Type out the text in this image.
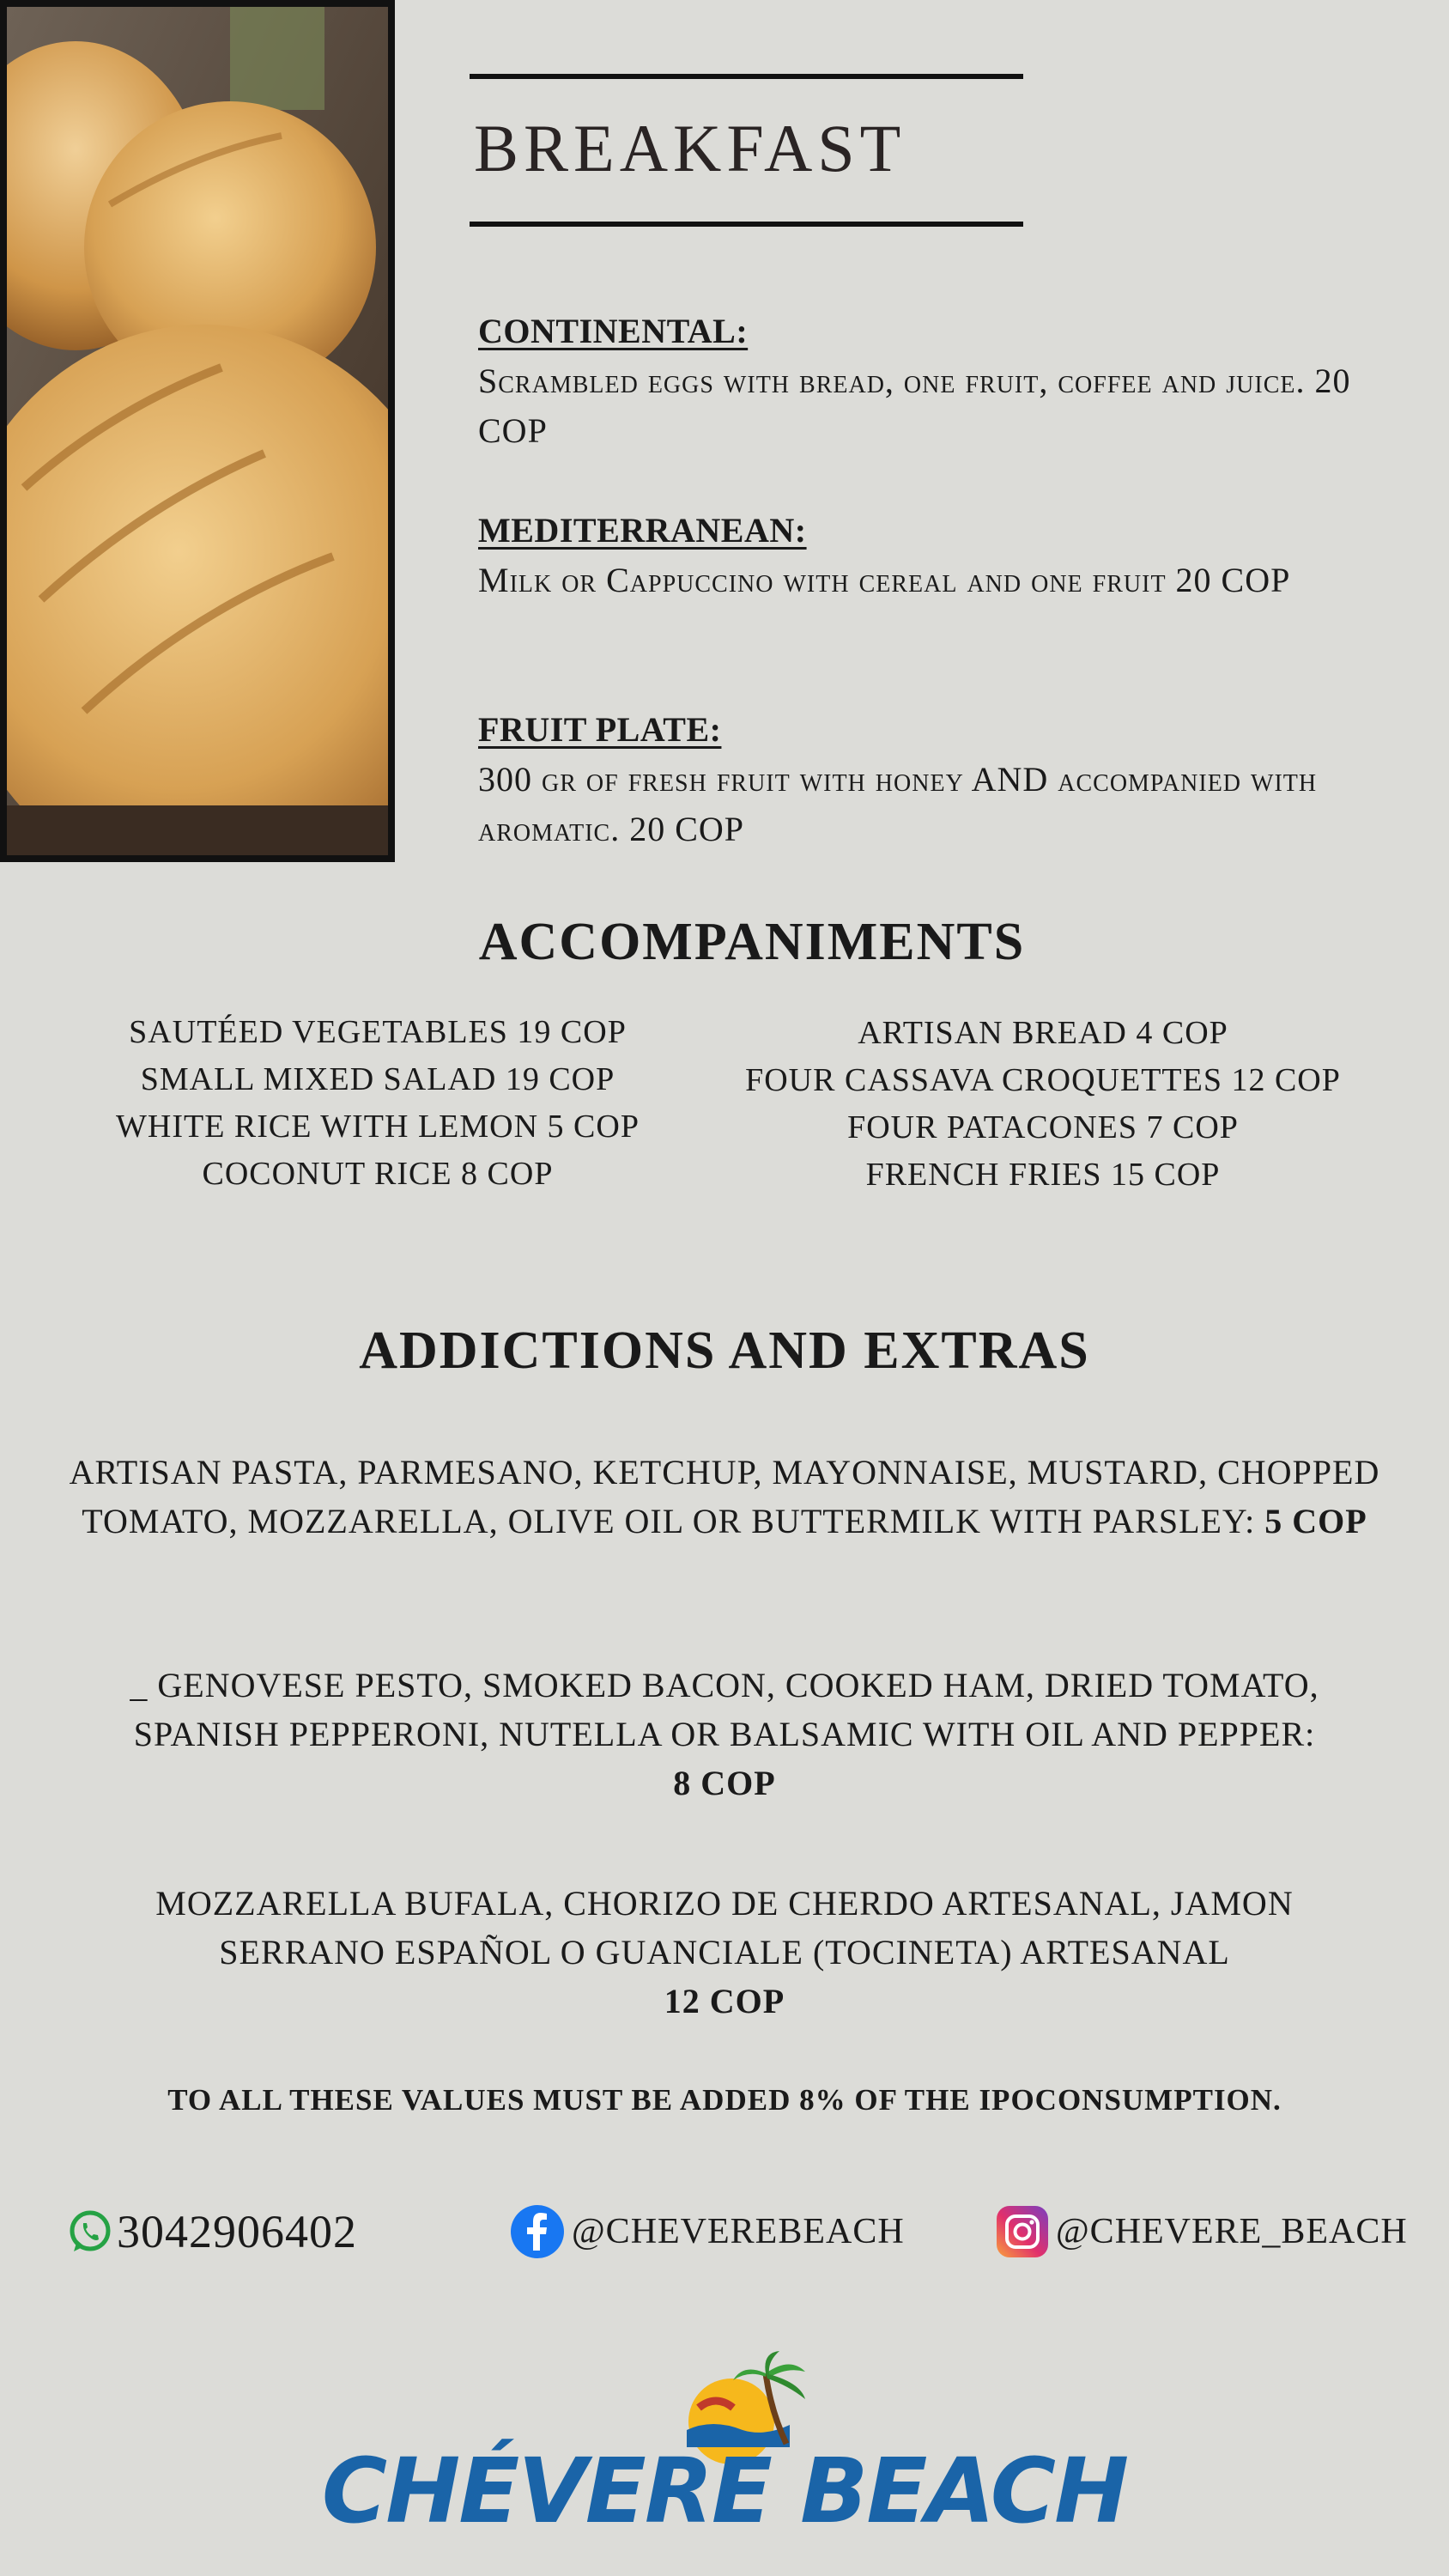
BREAKFAST
CONTINENTAL:
Scrambled eggs with bread, one fruit, coffee and juice. 20 COP
MEDITERRANEAN:
Milk or Cappuccino with cereal and one fruit 20 COP
FRUIT PLATE:
300 gr of fresh fruit with honey AND accompanied with aromatic. 20 COP
ACCOMPANIMENTS
SAUTÉED VEGETABLES 19 COP
SMALL MIXED SALAD 19 COP
WHITE RICE WITH LEMON 5 COP
COCONUT RICE 8 COP
ARTISAN BREAD 4 COP
FOUR CASSAVA CROQUETTES 12 COP
FOUR PATACONES 7 COP
FRENCH FRIES 15 COP
ADDICTIONS AND EXTRAS
ARTISAN PASTA, PARMESANO, KETCHUP, MAYONNAISE, MUSTARD, CHOPPED TOMATO, MOZZARELLA, OLIVE OIL OR BUTTERMILK WITH PARSLEY: 5 COP
_ GENOVESE PESTO, SMOKED BACON, COOKED HAM, DRIED TOMATO, SPANISH PEPPERONI, NUTELLA OR BALSAMIC WITH OIL AND PEPPER:
8 COP
MOZZARELLA BUFALA, CHORIZO DE CHERDO ARTESANAL, JAMON SERRANO ESPAÑOL O GUANCIALE (TOCINETA) ARTESANAL
12 COP
TO ALL THESE VALUES MUST BE ADDED 8% OF THE IPOCONSUMPTION.
3042906402	@CHEVEREBEACH	@CHEVERE_BEACH
CHÉVERE BEACH
